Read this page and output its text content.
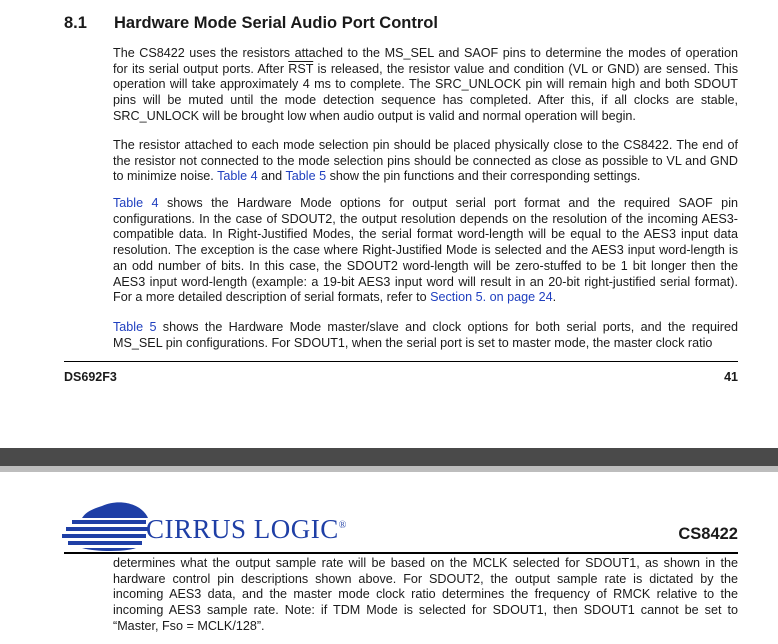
8.1 Hardware Mode Serial Audio Port Control
The CS8422 uses the resistors attached to the MS_SEL and SAOF pins to determine the modes of operation for its serial output ports. After $\overline{RST}$ is released, the resistor value and condition (VL or GND) are sensed. This operation will take approximately 4 ms to complete. The SRC_UNLOCK pin will remain high and both SDOUT pins will be muted until the mode detection sequence has completed. After this, if all clocks are stable, SRC_UNLOCK will be brought low when audio output is valid and normal operation will begin.
The resistor attached to each mode selection pin should be placed physically close to the CS8422. The end of the resistor not connected to the mode selection pins should be connected as close as possible to VL and GND to minimize noise. Table 4 and Table 5 show the pin functions and their corresponding settings.
Table 4 shows the Hardware Mode options for output serial port format and the required SAOF pin configurations. In the case of SDOUT2, the output resolution depends on the resolution of the incoming AES3-compatible data. In Right-Justified Modes, the serial format word-length will be equal to the AES3 input data resolution. The exception is the case where Right-Justified Mode is selected and the AES3 input word-length is an odd number of bits. In this case, the SDOUT2 word-length will be zero-stuffed to be 1 bit longer then the AES3 input word-length (example: a 19-bit AES3 input word will result in an 20-bit right-justified serial format). For a more detailed description of serial formats, refer to Section 5. on page 24.
Table 5 shows the Hardware Mode master/slave and clock options for both serial ports, and the required MS_SEL pin configurations. For SDOUT1, when the serial port is set to master mode, the master clock ratio
DS692F3	41
CIRRUS LOGIC®	CS8422
determines what the output sample rate will be based on the MCLK selected for SDOUT1, as shown in the hardware control pin descriptions shown above. For SDOUT2, the output sample rate is dictated by the incoming AES3 data, and the master mode clock ratio determines the frequency of RMCK relative to the incoming AES3 sample rate. Note: if TDM Mode is selected for SDOUT1, then SDOUT1 cannot be set to “Master, Fso = MCLK/128”.
